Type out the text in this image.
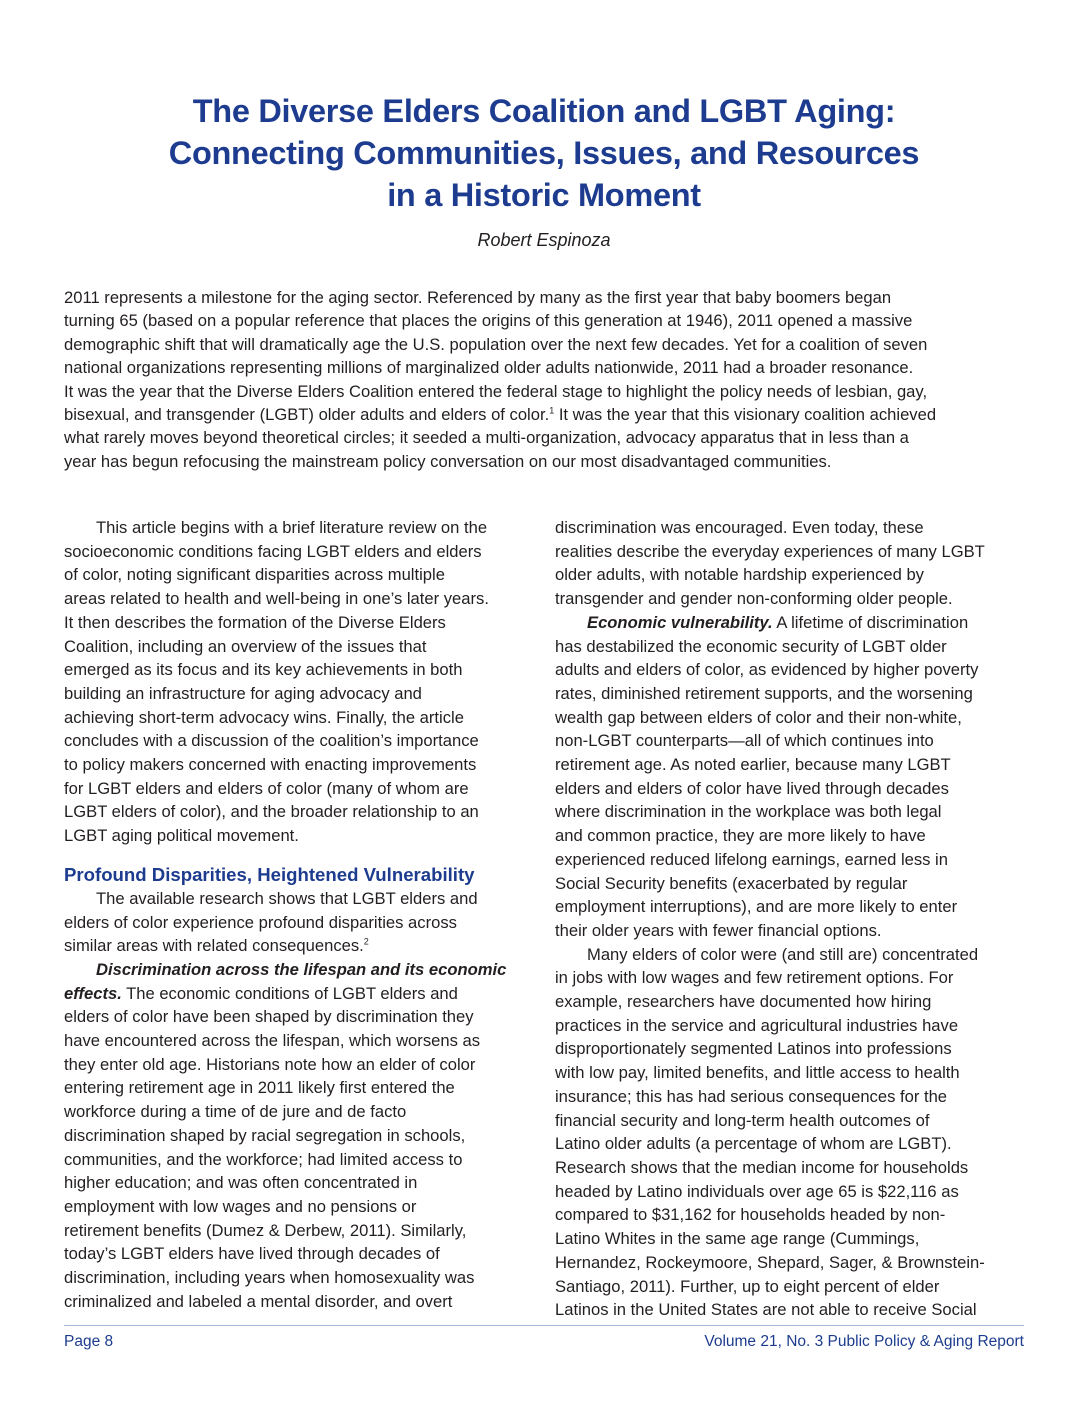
The Diverse Elders Coalition and LGBT Aging:
Connecting Communities, Issues, and Resources
in a Historic Moment
Robert Espinoza
2011 represents a milestone for the aging sector. Referenced by many as the first year that baby boomers began
turning 65 (based on a popular reference that places the origins of this generation at 1946), 2011 opened a massive
demographic shift that will dramatically age the U.S. population over the next few decades. Yet for a coalition of seven
national organizations representing millions of marginalized older adults nationwide, 2011 had a broader resonance.
It was the year that the Diverse Elders Coalition entered the federal stage to highlight the policy needs of lesbian, gay,
bisexual, and transgender (LGBT) older adults and elders of color.$^1$ It was the year that this visionary coalition achieved
what rarely moves beyond theoretical circles; it seeded a multi-organization, advocacy apparatus that in less than a
year has begun refocusing the mainstream policy conversation on our most disadvantaged communities.
This article begins with a brief literature review on the
socioeconomic conditions facing LGBT elders and elders
of color, noting significant disparities across multiple
areas related to health and well-being in one’s later years.
It then describes the formation of the Diverse Elders
Coalition, including an overview of the issues that
emerged as its focus and its key achievements in both
building an infrastructure for aging advocacy and
achieving short-term advocacy wins. Finally, the article
concludes with a discussion of the coalition’s importance
to policy makers concerned with enacting improvements
for LGBT elders and elders of color (many of whom are
LGBT elders of color), and the broader relationship to an
LGBT aging political movement.
Profound Disparities, Heightened Vulnerability
The available research shows that LGBT elders and
elders of color experience profound disparities across
similar areas with related consequences.$^2$
Discrimination across the lifespan and its economic
effects. The economic conditions of LGBT elders and
elders of color have been shaped by discrimination they
have encountered across the lifespan, which worsens as
they enter old age. Historians note how an elder of color
entering retirement age in 2011 likely first entered the
workforce during a time of de jure and de facto
discrimination shaped by racial segregation in schools,
communities, and the workforce; had limited access to
higher education; and was often concentrated in
employment with low wages and no pensions or
retirement benefits (Dumez & Derbew, 2011). Similarly,
today’s LGBT elders have lived through decades of
discrimination, including years when homosexuality was
criminalized and labeled a mental disorder, and overt
discrimination was encouraged. Even today, these
realities describe the everyday experiences of many LGBT
older adults, with notable hardship experienced by
transgender and gender non-conforming older people.
Economic vulnerability. A lifetime of discrimination
has destabilized the economic security of LGBT older
adults and elders of color, as evidenced by higher poverty
rates, diminished retirement supports, and the worsening
wealth gap between elders of color and their non-white,
non-LGBT counterparts—all of which continues into
retirement age. As noted earlier, because many LGBT
elders and elders of color have lived through decades
where discrimination in the workplace was both legal
and common practice, they are more likely to have
experienced reduced lifelong earnings, earned less in
Social Security benefits (exacerbated by regular
employment interruptions), and are more likely to enter
their older years with fewer financial options.
Many elders of color were (and still are) concentrated
in jobs with low wages and few retirement options. For
example, researchers have documented how hiring
practices in the service and agricultural industries have
disproportionately segmented Latinos into professions
with low pay, limited benefits, and little access to health
insurance; this has had serious consequences for the
financial security and long-term health outcomes of
Latino older adults (a percentage of whom are LGBT).
Research shows that the median income for households
headed by Latino individuals over age 65 is $22,116 as
compared to $31,162 for households headed by non-
Latino Whites in the same age range (Cummings,
Hernandez, Rockeymoore, Shepard, Sager, & Brownstein-
Santiago, 2011). Further, up to eight percent of elder
Latinos in the United States are not able to receive Social
Page 8	Volume 21, No. 3 Public Policy & Aging Report
